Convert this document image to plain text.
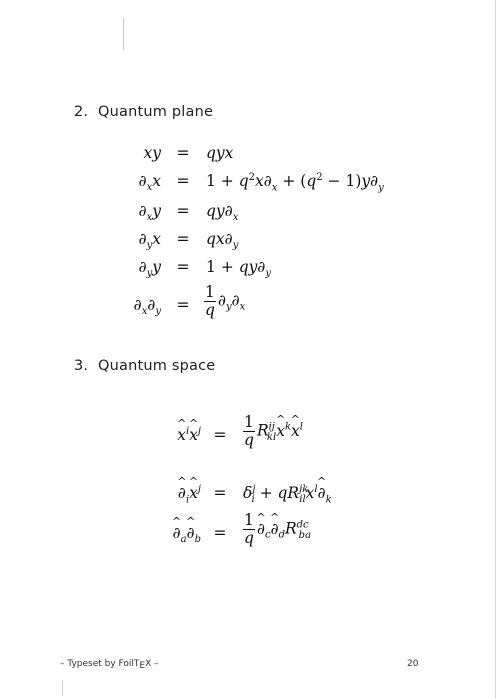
2. Quantum plane
xy	=	qyx
$\partial_xx$	=	$1 + q^2x\partial_x + (q^2 - 1)y\partial_y$
$\partial_xy$	=	$qy\partial_x$
$\partial_yx$	=	$qx\partial_y$
$\partial_yy$	=	$1 + qy\partial_y$
$\partial_x\partial_y$	= $\frac{1}{q} \partial_y\partial_x$
3. Quantum space
^ $x^i\^{}$ $x^j$ =	$\frac{1}{q}$ $R^{ij}_{kl}\^{}$ $x^k\^{}$ $x^l$
^ $\partial_i\^{}$ $x^j$ =	$\delta^j_i$ + $qR^{jk}_{il}x^l\^{}$ $\partial_k$
^ $\partial_a\^{}$ $\partial_b$ =	$\frac{1}{q}$
^ $\partial_c\^{}$ $\partial_dR^{dc}_{ba}$
– Typeset by FoilTEX –	20
